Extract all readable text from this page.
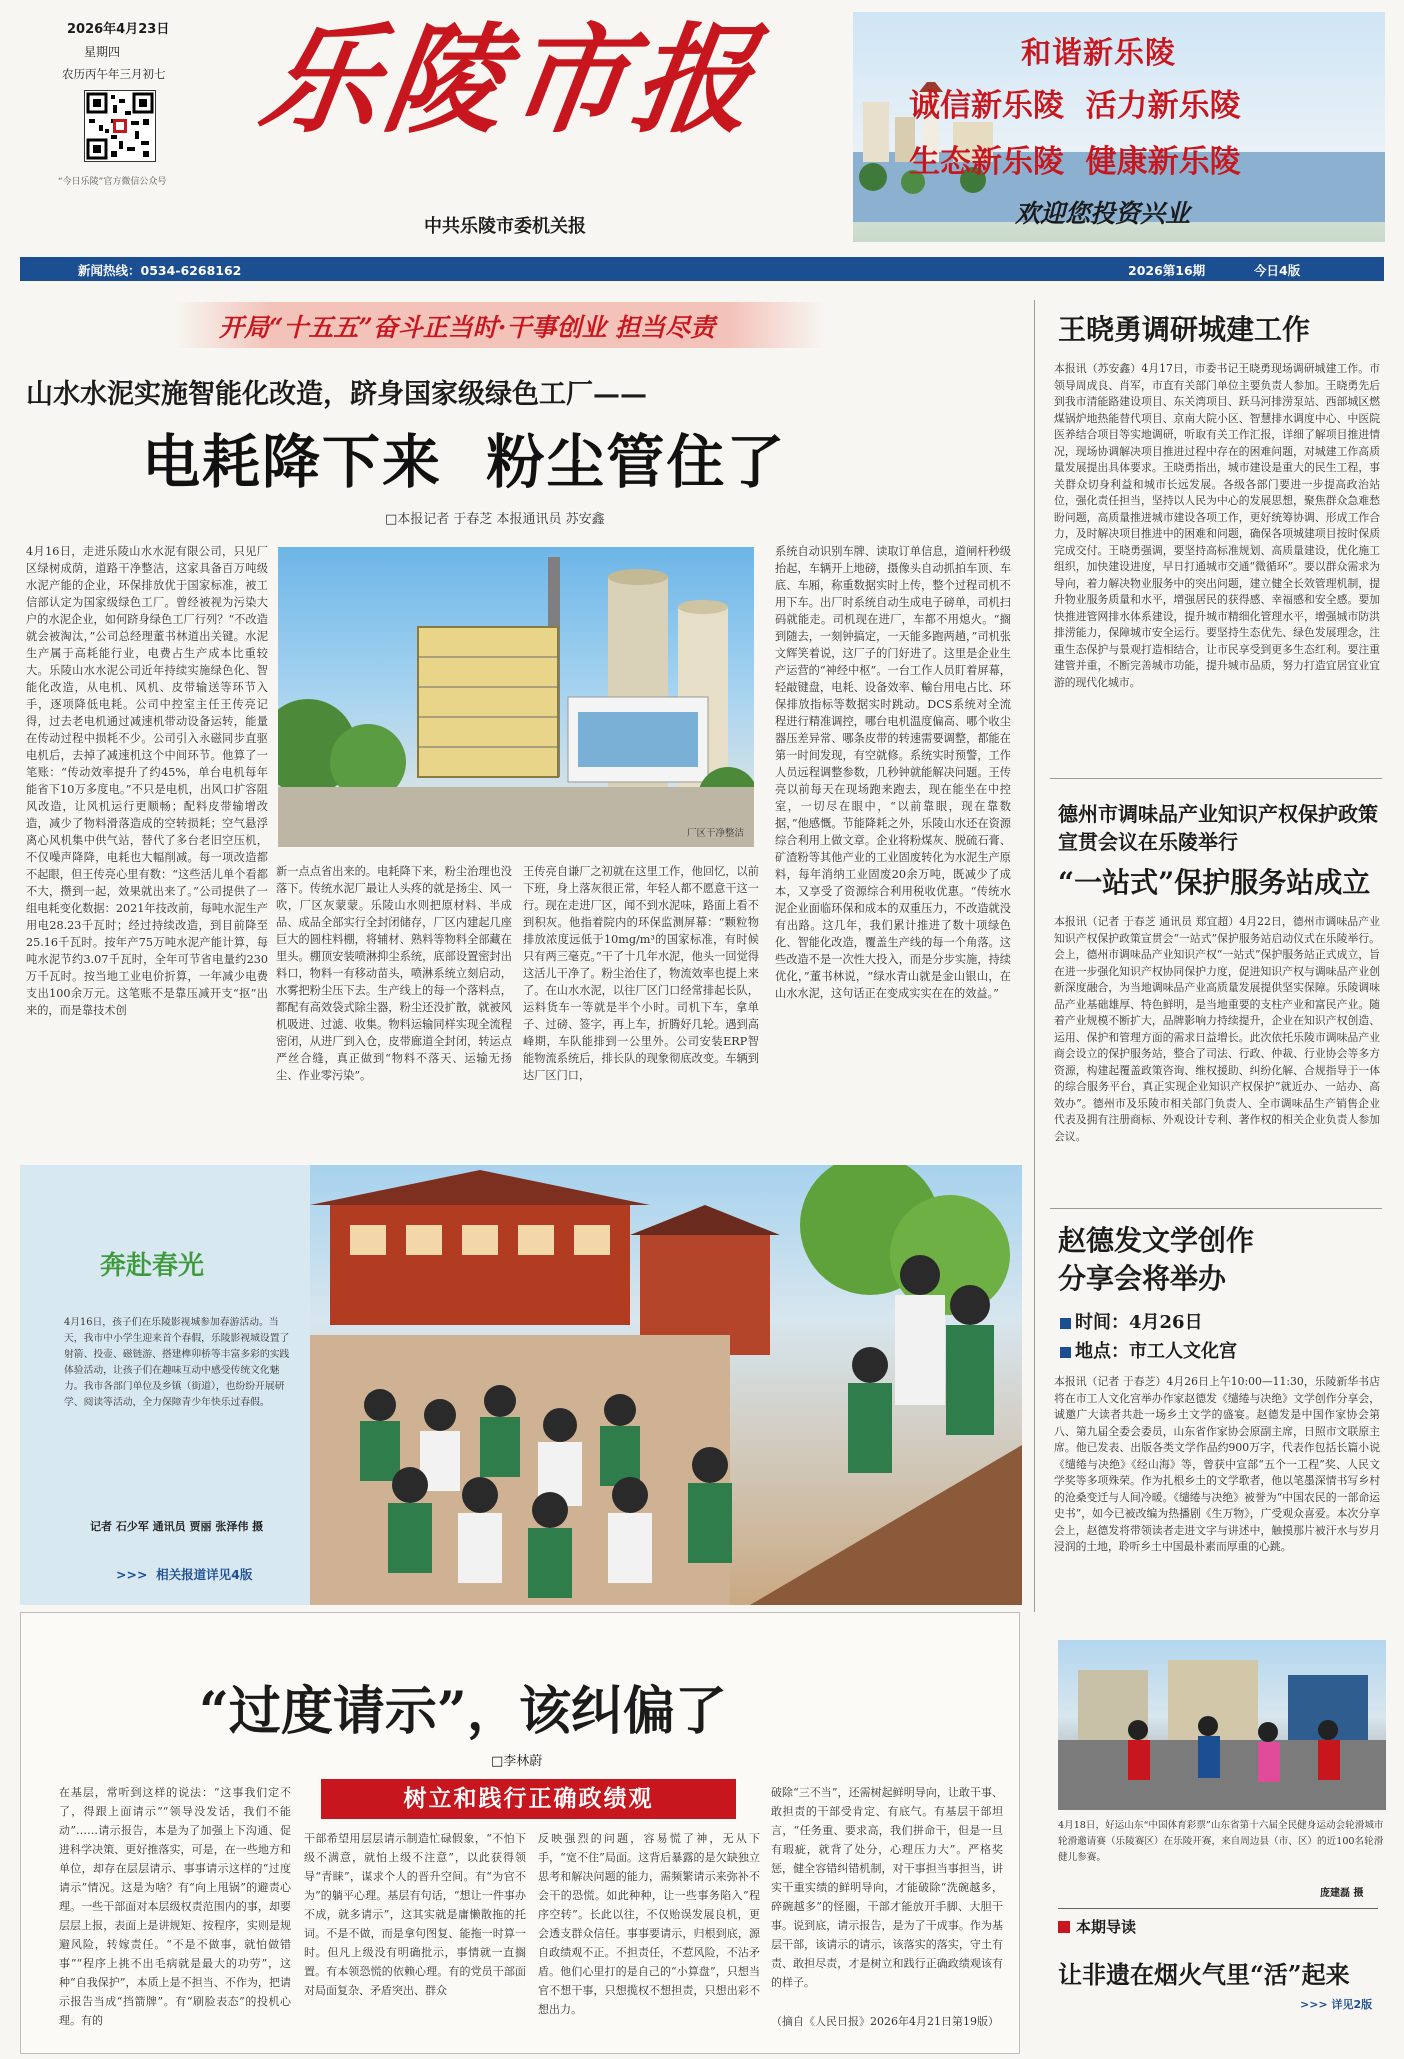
2026年4月23日
星期四
农历丙午年三月初七
“今日乐陵”官方微信公众号
乐陵市报
中共乐陵市委机关报
和谐新乐陵
诚信新乐陵  活力新乐陵
生态新乐陵  健康新乐陵
欢迎您投资兴业
新闻热线：0534-6268162	2026第16期	今日4版
开局“十五五”奋斗正当时·干事创业 担当尽责
山水水泥实施智能化改造，跻身国家级绿色工厂——
电耗降下来  粉尘管住了
□本报记者 于春芝 本报通讯员 苏安鑫
厂区干净整洁
4月16日，走进乐陵山水水泥有限公司，只见厂区绿树成荫，道路干净整洁，这家具备百万吨级水泥产能的企业，环保排放优于国家标准，被工信部认定为国家级绿色工厂。曾经被视为污染大户的水泥企业，如何跻身绿色工厂行列？“不改造就会被淘汰，”公司总经理董书林道出关键。水泥生产属于高耗能行业，电费占生产成本比重较大。乐陵山水水泥公司近年持续实施绿色化、智能化改造，从电机、风机、皮带输送等环节入手，逐项降低电耗。公司中控室主任王传亮记得，过去老电机通过减速机带动设备运转，能量在传动过程中损耗不少。公司引入永磁同步直驱电机后，去掉了减速机这个中间环节。他算了一笔账：“传动效率提升了约45%，单台电机每年能省下10万多度电。”不只是电机，出风口扩容阻风改造，让风机运行更顺畅；配料皮带输增改造，减少了物料滑落造成的空转损耗；空气悬浮离心风机集中供气站，替代了多台老旧空压机，不仅噪声降降，电耗也大幅削减。每一项改造都不起眼，但王传亮心里有数：“这些活儿单个看都不大，攒到一起，效果就出来了。”公司提供了一组电耗变化数据：2021年技改前，每吨水泥生产用电28.23千瓦时；经过持续改造，到目前降至25.16千瓦时。按年产75万吨水泥产能计算，每吨水泥节约3.07千瓦时，全年可节省电量约230万千瓦时。按当地工业电价折算，一年减少电费支出100余万元。这笔账不是靠压减开支“抠”出来的，而是靠技术创
新一点点省出来的。电耗降下来，粉尘治理也没落下。传统水泥厂最让人头疼的就是扬尘、风一吹，厂区灰蒙蒙。乐陵山水则把原材料、半成品、成品全部实行全封闭储存，厂区内建起几座巨大的圆柱料棚，将辅材、熟料等物料全部藏在里头。棚顶安装喷淋抑尘系统，底部设置密封出料口，物料一有移动苗头，喷淋系统立刻启动，水雾把粉尘压下去。生产线上的每一个落料点，都配有高效袋式除尘器，粉尘还没扩散，就被风机吸进、过滤、收集。物料运输同样实现全流程密闭，从进厂到入仓，皮带廊道全封闭，转运点严丝合缝，真正做到“物料不落天、运输无扬尘、作业零污染”。
王传亮自谦厂之初就在这里工作，他回忆，以前下班，身上落灰很正常，年轻人都不愿意干这一行。现在走进厂区，闻不到水泥味，路面上看不到积灰。他指着院内的环保监测屏幕：“颗粒物排放浓度远低于10mg/m³的国家标准，有时候只有两三毫克。”干了十几年水泥，他头一回觉得这活儿干净了。粉尘治住了，物流效率也提上来了。在山水水泥，以往厂区门口经常排起长队，运料货车一等就是半个小时。司机下车，拿单子、过磅、签字，再上车，折腾好几轮。遇到高峰期，车队能排到一公里外。公司安装ERP智能物流系统后，排长队的现象彻底改变。车辆到达厂区门口，
系统自动识别车牌、读取订单信息，道闸杆秒级抬起，车辆开上地磅，摄像头自动抓拍车顶、车底、车厢，称重数据实时上传，整个过程司机不用下车。出厂时系统自动生成电子磅单，司机扫码就能走。司机现在进厂，车都不用熄火。“搁到随去，一刻钟搞定，一天能多跑两趟，”司机张文辉笑着说，这厂子的门好进了。这里是企业生产运营的“神经中枢”。一台工作人员盯着屏幕，轻敲键盘，电耗、设备效率、輸台用电占比、环保排放指标等数据实时跳动。DCS系统对全流程进行精准调控，哪台电机温度偏高、哪个收尘器压差异常、哪条皮带的转速需要调整，都能在第一时间发现，有空就修。系统实时预警，工作人员远程调整参数，几秒钟就能解决问题。王传亮以前每天在现场跑来跑去，现在能坐在中控室，一切尽在眼中，“以前靠眼，现在靠数据，”他感慨。节能降耗之外，乐陵山水还在资源综合利用上做文章。企业将粉煤灰、脱硫石膏、矿渣粉等其他产业的工业固废转化为水泥生产原料，每年消纳工业固废20余万吨，既减少了成本，又享受了资源综合利用税收优惠。“传统水泥企业面临环保和成本的双重压力，不改造就没有出路。这几年，我们累计推进了数十项绿色化、智能化改造，覆盖生产线的每一个角落。这些改造不是一次性大投入，而是分步实施，持续优化，”董书林说，“绿水青山就是金山银山，在山水水泥，这句话正在变成实实在在的效益。”
王晓勇调研城建工作
本报讯（苏安鑫）4月17日，市委书记王晓勇现场调研城建工作。市领导周成良、肖军，市直有关部门单位主要负责人参加。王晓勇先后到我市清能路建设项目、东关湾项目、跃马河排涝泵站、西部城区燃煤锅炉地热能替代项目、京南大院小区、智慧排水调度中心、中医院医养结合项目等实地调研，听取有关工作汇报，详细了解项目推进情况，现场协调解决项目推进过程中存在的困难问题，对城建工作高质量发展提出具体要求。王晓勇指出，城市建设是重大的民生工程，事关群众切身利益和城市长远发展。各级各部门要进一步提高政治站位，强化责任担当，坚持以人民为中心的发展思想，聚焦群众急难愁盼问题，高质量推进城市建设各项工作，更好统筹协调、形成工作合力，及时解决项目推进中的困难和问题，确保各项城建项目按时保质完成交付。王晓勇强调，要坚持高标准规划、高质量建设，优化施工组织，加快建设进度，早日打通城市交通“微循环”。要以群众需求为导向，着力解决物业服务中的突出问题，建立健全长效管理机制，提升物业服务质量和水平，增强居民的获得感、幸福感和安全感。要加快推进管网排水体系建设，提升城市精细化管理水平，增强城市防洪排涝能力，保障城市安全运行。要坚持生态优先、绿色发展理念，注重生态保护与景观打造相结合，让市民享受到更多生态红利。要注重建管并重，不断完善城市功能，提升城市品质，努力打造宜居宜业宜游的现代化城市。
德州市调味品产业知识产权保护政策宣贯会议在乐陵举行
“一站式”保护服务站成立
本报讯（记者 于春芝 通讯员 郑宜超）4月22日，德州市调味品产业知识产权保护政策宣贯会“一站式”保护服务站启动仪式在乐陵举行。会上，德州市调味品产业知识产权“一站式”保护服务站正式成立，旨在进一步强化知识产权协同保护力度，促进知识产权与调味品产业创新深度融合，为当地调味品产业高质量发展提供坚实保障。乐陵调味品产业基础雄厚、特色鲜明，是当地重要的支柱产业和富民产业。随着产业规模不断扩大，品牌影响力持续提升，企业在知识产权创造、运用、保护和管理方面的需求日益增长。此次依托乐陵市调味品产业商会设立的保护服务站，整合了司法、行政、仲裁、行业协会等多方资源，构建起覆盖政策咨询、维权援助、纠纷化解、合规指导于一体的综合服务平台，真正实现企业知识产权保护“就近办、一站办、高效办”。德州市及乐陵市相关部门负责人、全市调味品生产销售企业代表及拥有注册商标、外观设计专利、著作权的相关企业负责人参加会议。
赵德发文学创作
分享会将举办
时间：4月26日
地点：市工人文化宫
本报讯（记者 于春芝）4月26日上午10:00—11:30，乐陵新华书店将在市工人文化宫举办作家赵德发《缱绻与决绝》文学创作分享会，诚邀广大读者共赴一场乡土文学的盛宴。赵德发是中国作家协会第八、第九届全委会委员，山东省作家协会原副主席，日照市文联原主席。他已发表、出版各类文学作品约900万字，代表作包括长篇小说《缱绻与决绝》《经山海》等，曾获中宣部“五个一工程”奖、人民文学奖等多项殊荣。作为扎根乡土的文学歌者，他以笔墨深情书写乡村的沧桑变迁与人间冷暖。《缱绻与决绝》被誉为“中国农民的一部命运史书”，如今已被改编为热播剧《生万物》，广受观众喜爱。本次分享会上，赵德发将带领读者走进文字与讲述中，触摸那片被汗水与岁月浸润的土地，聆听乡土中国最朴素而厚重的心跳。
奔赴春光
4月16日，孩子们在乐陵影视城参加春游活动。当天，我市中小学生迎来首个春假，乐陵影视城设置了射箭、投壶、磁链游、搭建榫卯桥等丰富多彩的实践体验活动，让孩子们在趣味互动中感受传统文化魅力。我市各部门单位及乡镇（街道），也纷纷开展研学、阅读等活动，全力保障青少年快乐过春假。
记者 石少军 通讯员 贾丽 张泽伟 摄
>>>  相关报道详见4版
“过度请示”，该纠偏了
□李林蔚
树立和践行正确政绩观
在基层，常听到这样的说法：“这事我们定不了，得跟上面请示”“领导没发话，我们不能动”……请示报告，本是为了加强上下沟通、促进科学决策、更好推落实，可是，在一些地方和单位，却存在层层请示、事事请示这样的“过度请示”情况。这是为啥？有“向上甩锅”的避责心理。一些干部面对本层级权责范围内的事，却要层层上报，表面上是讲规矩、按程序，实则是规避风险，转嫁责任。“不是不做事，就怕做错事”“程序上挑不出毛病就是最大的功劳”，这种“自我保护”，本质上是不担当、不作为，把请示报告当成“挡箭牌”。有“刷脸表态”的投机心理。有的
干部希望用层层请示制造忙碌假象，“不怕下级不满意，就怕上级不注意”，以此获得领导“青睐”，谋求个人的晋升空间。有“为官不为”的躺平心理。基层有句话，“想让一件事办不成，就多请示”，这其实就是庸懒散拖的托词。不是不做，而是拿句图复、能拖一时算一时。但凡上级没有明确批示，事情就一直搁置。有本领恐慌的依赖心理。有的党员干部面对局面复杂、矛盾突出、群众
反映强烈的问题，容易慌了神，无从下手，“宽不住”局面。这背后暴露的是欠缺独立思考和解决问题的能力，需频繁请示来弥补不会干的恐慌。如此种种，让一些事务陷入“程序空转”。长此以往，不仅贻误发展良机，更会透支群众信任。事事要请示，归根到底，源自政绩观不正。不担责任，不惹风险，不沾矛盾。他们心里打的是自己的“小算盘”，只想当官不想干事，只想揽权不想担责，只想出彩不想出力。
破除“三不当”，还需树起鲜明导向，让敢干事、敢担责的干部受肯定、有底气。有基层干部坦言，“任务重、要求高，我们拼命干，但是一旦有瑕疵，就背了处分，心理压力大”。严格奖惩，健全容错纠错机制，对干事担当事担当，讲实干重实绩的鲜明导向，才能破除“洗碗越多，碎碗越多”的怪圈，干部才能放开手脚、大胆干事。说到底，请示报告，是为了干成事。作为基层干部，该请示的请示，该落实的落实，守土有责、敢担尽责，才是树立和践行正确政绩观该有的样子。
（摘自《人民日报》2026年4月21日第19版）
4月18日，好运山东“中国体育彩票”山东省第十六届全民健身运动会轮滑城市轮滑邀请赛（乐陵赛区）在乐陵开赛，来自周边县（市、区）的近100名轮滑健儿参赛。
庞建磊 摄
本期导读
让非遗在烟火气里“活”起来
>>> 详见2版
